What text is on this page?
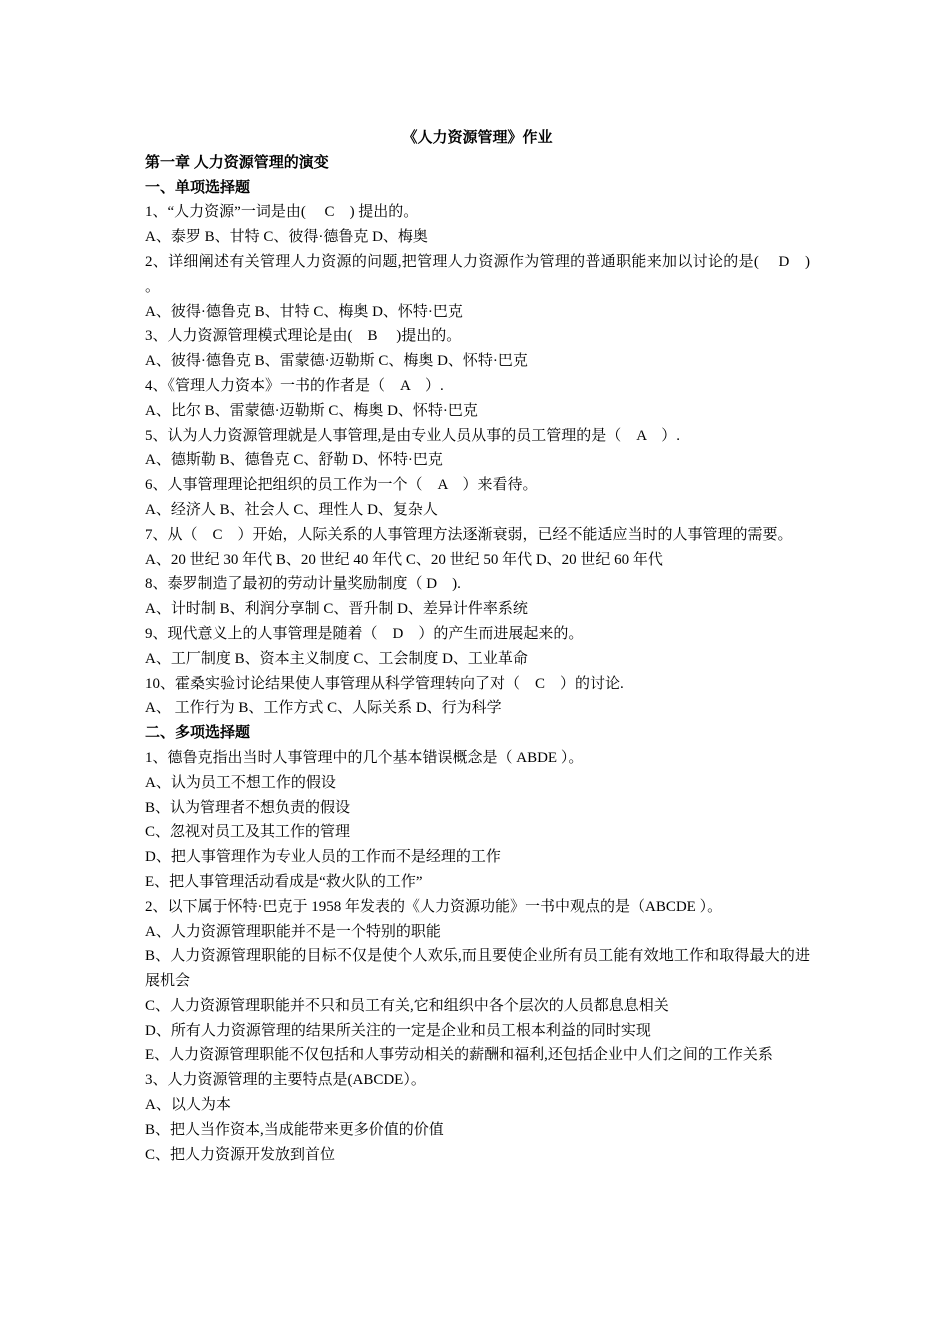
《人力资源管理》作业

第一章 人力资源管理的演变

一、单项选择题

1、“人力资源”一词是由(　 C　) 提出的。

A、泰罗 B、甘特 C、彼得·德鲁克 D、梅奥

2、详细阐述有关管理人力资源的问题,把管理人力资源作为管理的普通职能来加以讨论的是(　 D　) 。

A、彼得·德鲁克 B、甘特 C、梅奥 D、怀特·巴克

3、人力资源管理模式理论是由(　B　 )提出的。

A、彼得·德鲁克 B、雷蒙德·迈勒斯 C、梅奥 D、怀特·巴克

4、《管理人力资本》一书的作者是（　A　）.

A、比尔 B、雷蒙德·迈勒斯 C、梅奥 D、怀特·巴克

5、认为人力资源管理就是人事管理,是由专业人员从事的员工管理的是（　A　）.

A、德斯勒 B、德鲁克 C、舒勒 D、怀特·巴克

6、人事管理理论把组织的员工作为一个（　A　）来看待。

A、经济人 B、社会人 C、理性人 D、复杂人

7、从（　C　）开始，人际关系的人事管理方法逐渐衰弱，已经不能适应当时的人事管理的需要。

A、20 世纪 30 年代 B、20 世纪 40 年代 C、20 世纪 50 年代 D、20 世纪 60 年代

8、泰罗制造了最初的劳动计量奖励制度（ D　).

A、计时制 B、利润分享制 C、晋升制 D、差异计件率系统

9、现代意义上的人事管理是随着（　D　）的产生而进展起来的。

A、工厂制度 B、资本主义制度 C、工会制度 D、工业革命

10、霍桑实验讨论结果使人事管理从科学管理转向了对（　C　）的讨论.

A、 工作行为 B、工作方式 C、人际关系 D、行为科学

二、多项选择题

1、德鲁克指出当时人事管理中的几个基本错误概念是（ ABDE ）。

A、认为员工不想工作的假设

B、认为管理者不想负责的假设

C、忽视对员工及其工作的管理

D、把人事管理作为专业人员的工作而不是经理的工作

E、把人事管理活动看成是“救火队的工作”

2、以下属于怀特·巴克于 1958 年发表的《人力资源功能》一书中观点的是（ABCDE ）。

A、人力资源管理职能并不是一个特别的职能

B、人力资源管理职能的目标不仅是使个人欢乐,而且要使企业所有员工能有效地工作和取得最大的进展机会

C、人力资源管理职能并不只和员工有关,它和组织中各个层次的人员都息息相关

D、所有人力资源管理的结果所关注的一定是企业和员工根本利益的同时实现

E、人力资源管理职能不仅包括和人事劳动相关的薪酬和福利,还包括企业中人们之间的工作关系

3、人力资源管理的主要特点是(ABCDE）。

A、以人为本

B、把人当作资本,当成能带来更多价值的价值

C、把人力资源开发放到首位
